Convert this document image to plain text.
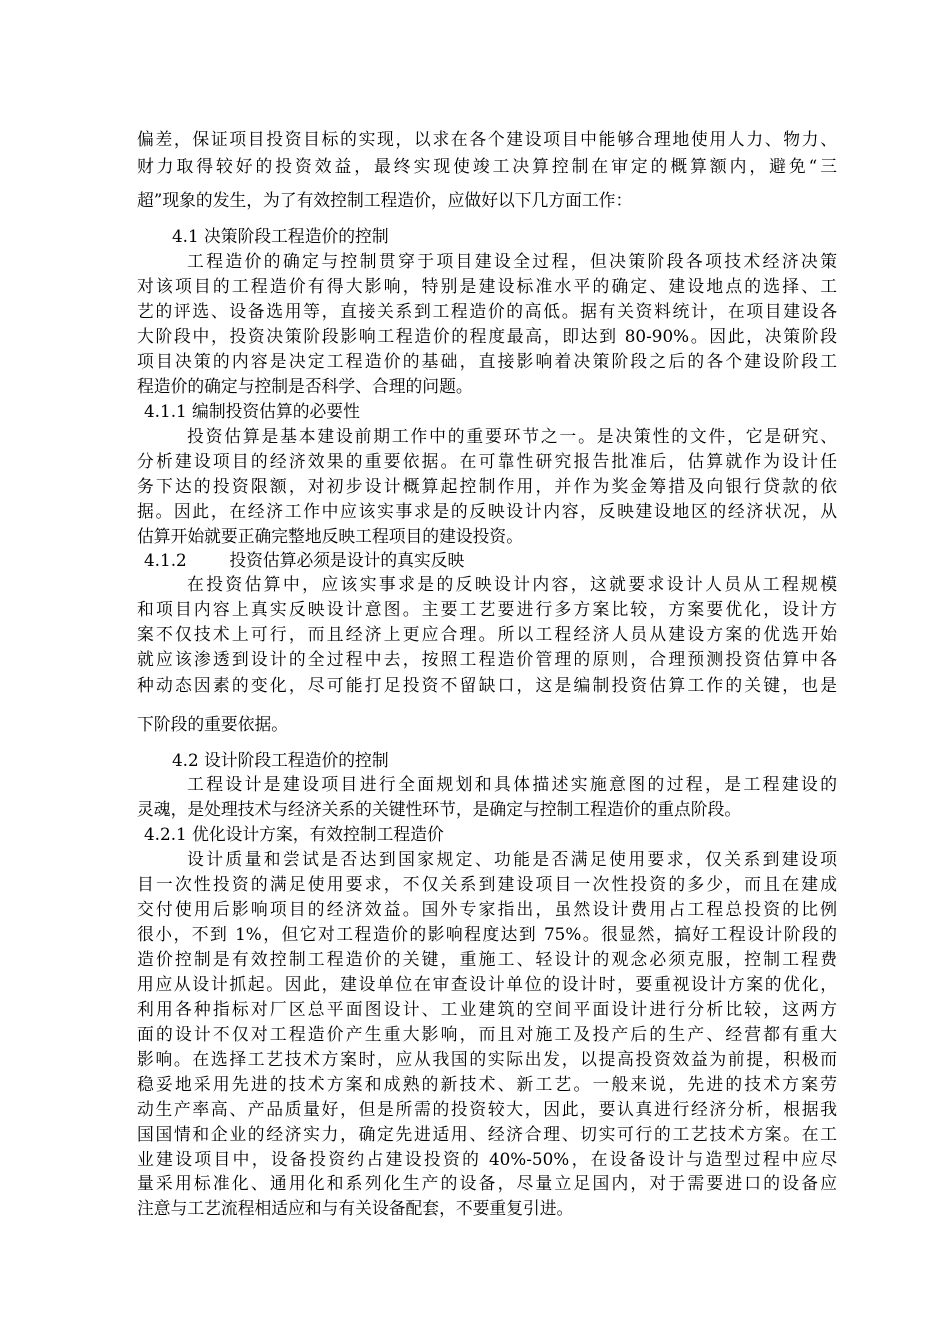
偏差，保证项目投资目标的实现，以求在各个建设项目中能够合理地使用人力、物力、
财力取得较好的投资效益，最终实现使竣工决算控制在审定的概算额内，避免“三
超”现象的发生，为了有效控制工程造价，应做好以下几方面工作：
4.1 决策阶段工程造价的控制
工程造价的确定与控制贯穿于项目建设全过程，但决策阶段各项技术经济决策
对该项目的工程造价有得大影响，特别是建设标准水平的确定、建设地点的选择、工
艺的评选、设备选用等，直接关系到工程造价的高低。据有关资料统计，在项目建设各
大阶段中，投资决策阶段影响工程造价的程度最高，即达到 80-90%。因此，决策阶段
项目决策的内容是决定工程造价的基础，直接影响着决策阶段之后的各个建设阶段工
程造价的确定与控制是否科学、合理的问题。
4.1.1 编制投资估算的必要性
投资估算是基本建设前期工作中的重要环节之一。是决策性的文件，它是研究、
分析建设项目的经济效果的重要依据。在可靠性研究报告批准后，估算就作为设计任
务下达的投资限额，对初步设计概算起控制作用，并作为奖金筹措及向银行贷款的依
据。因此，在经济工作中应该实事求是的反映设计内容，反映建设地区的经济状况，从
估算开始就要正确完整地反映工程项目的建设投资。
4.1.2        投资估算必须是设计的真实反映
在投资估算中，应该实事求是的反映设计内容，这就要求设计人员从工程规模
和项目内容上真实反映设计意图。主要工艺要进行多方案比较，方案要优化，设计方
案不仅技术上可行，而且经济上更应合理。所以工程经济人员从建设方案的优选开始
就应该渗透到设计的全过程中去，按照工程造价管理的原则，合理预测投资估算中各
种动态因素的变化，尽可能打足投资不留缺口，这是编制投资估算工作的关键，也是
下阶段的重要依据。
4.2 设计阶段工程造价的控制
工程设计是建设项目进行全面规划和具体描述实施意图的过程，是工程建设的
灵魂，是处理技术与经济关系的关键性环节，是确定与控制工程造价的重点阶段。
4.2.1 优化设计方案，有效控制工程造价
设计质量和尝试是否达到国家规定、功能是否满足使用要求，仅关系到建设项
目一次性投资的满足使用要求，不仅关系到建设项目一次性投资的多少，而且在建成
交付使用后影响项目的经济效益。国外专家指出，虽然设计费用占工程总投资的比例
很小，不到 1%，但它对工程造价的影响程度达到 75%。很显然，搞好工程设计阶段的
造价控制是有效控制工程造价的关键，重施工、轻设计的观念必须克服，控制工程费
用应从设计抓起。因此，建设单位在审查设计单位的设计时，要重视设计方案的优化，
利用各种指标对厂区总平面图设计、工业建筑的空间平面设计进行分析比较，这两方
面的设计不仅对工程造价产生重大影响，而且对施工及投产后的生产、经营都有重大
影响。在选择工艺技术方案时，应从我国的实际出发，以提高投资效益为前提，积极而
稳妥地采用先进的技术方案和成熟的新技术、新工艺。一般来说，先进的技术方案劳
动生产率高、产品质量好，但是所需的投资较大，因此，要认真进行经济分析，根据我
国国情和企业的经济实力，确定先进适用、经济合理、切实可行的工艺技术方案。在工
业建设项目中，设备投资约占建设投资的 40%-50%，在设备设计与造型过程中应尽
量采用标准化、通用化和系列化生产的设备，尽量立足国内，对于需要进口的设备应
注意与工艺流程相适应和与有关设备配套，不要重复引进。
